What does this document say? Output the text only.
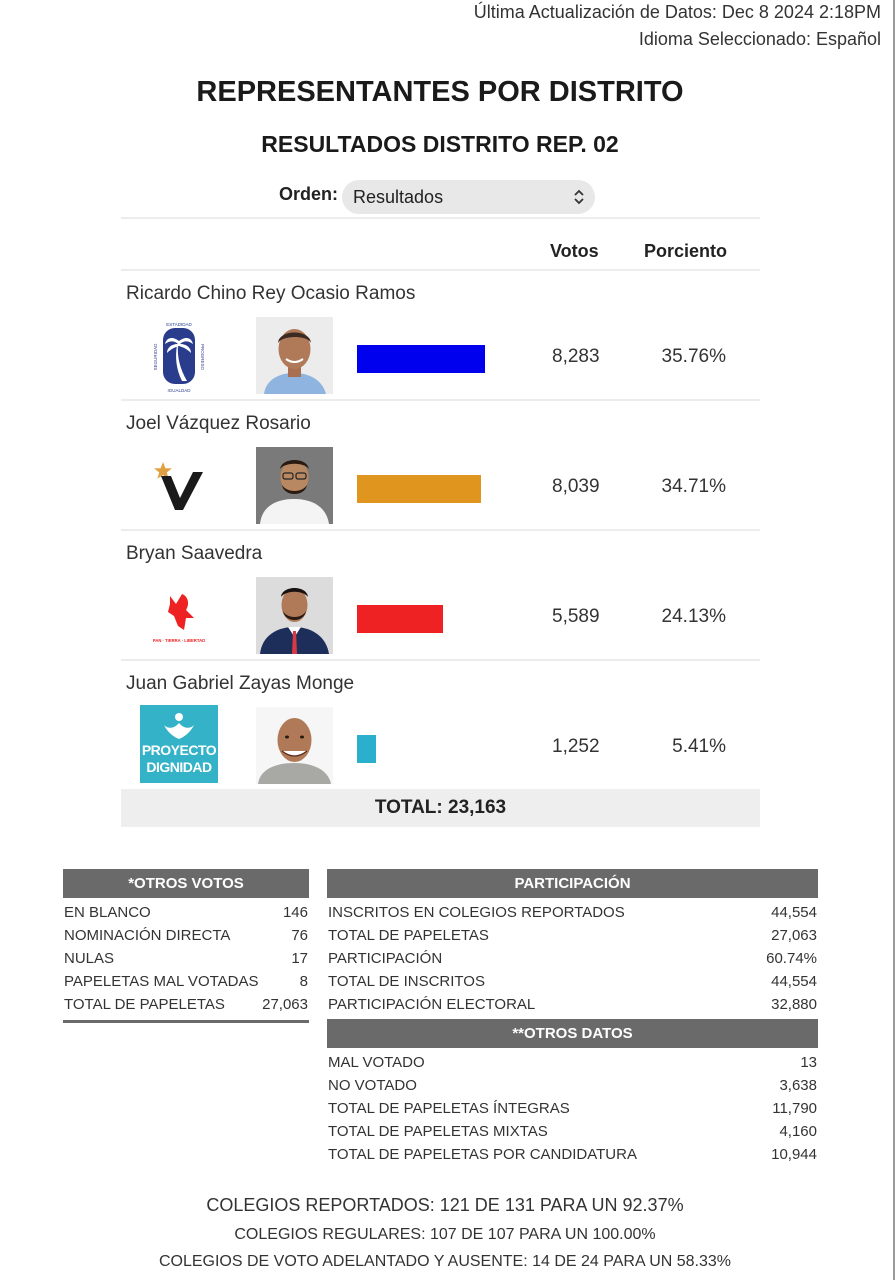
Última Actualización de Datos: Dec 8 2024 2:18PM
Idioma Seleccionado: Español
REPRESENTANTES POR DISTRITO
RESULTADOS DISTRITO REP. 02
Orden: Resultados
Votos	Porciento
Ricardo Chino Rey Ocasio Ramos
ESTADIDAD
IGUALDAD
PROGRESO
SEGURIDAD	8,283	35.76%
Joel Vázquez Rosario
8,039	34.71%
Bryan Saavedra
PAN · TIERRA · LIBERTAD
5,589	24.13%
Juan Gabriel Zayas Monge
PROYECTO
DIGNIDAD
1,252	5.41%
TOTAL: 23,163
*OTROS VOTOS
EN BLANCO	146
NOMINACIÓN DIRECTA	76
NULAS	17
PAPELETAS MAL VOTADAS	8
TOTAL DE PAPELETAS 27,063
PARTICIPACIÓN
INSCRITOS EN COLEGIOS REPORTADOS	44,554
TOTAL DE PAPELETAS	27,063
PARTICIPACIÓN	60.74%
TOTAL DE INSCRITOS	44,554
PARTICIPACIÓN ELECTORAL	32,880
**OTROS DATOS
MAL VOTADO	13
NO VOTADO	3,638
TOTAL DE PAPELETAS ÍNTEGRAS	11,790
TOTAL DE PAPELETAS MIXTAS	4,160
TOTAL DE PAPELETAS POR CANDIDATURA	10,944
COLEGIOS REPORTADOS: 121 DE 131 PARA UN 92.37%
COLEGIOS REGULARES: 107 DE 107 PARA UN 100.00%
COLEGIOS DE VOTO ADELANTADO Y AUSENTE: 14 DE 24 PARA UN 58.33%
